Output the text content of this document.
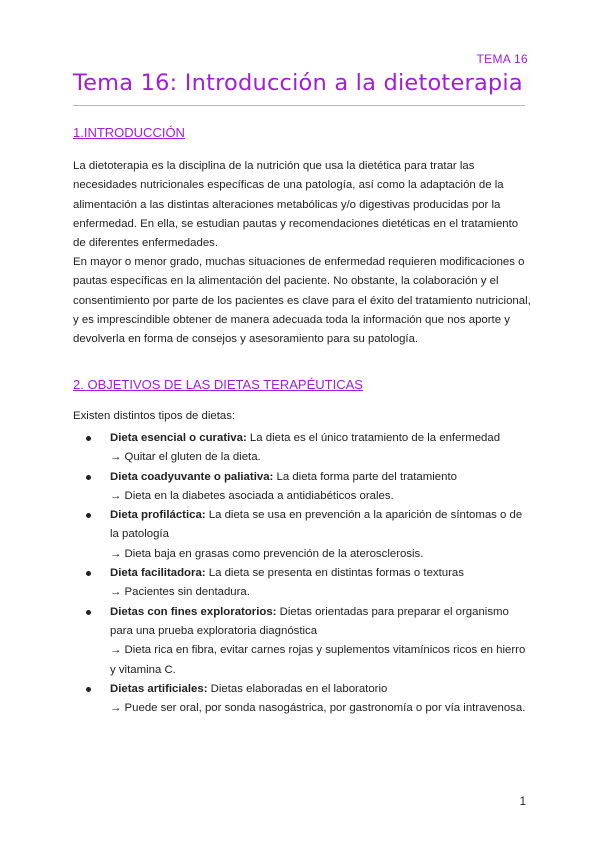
TEMA 16
Tema 16: Introducción a la dietoterapia
1.INTRODUCCIÓN

La dietoterapia es la disciplina de la nutrición que usa la dietética para tratar las necesidades nutricionales específicas de una patología, así como la adaptación de la alimentación a las distintas alteraciones metabólicas y/o digestivas producidas por la enfermedad. En ella, se estudian pautas y recomendaciones dietéticas en el tratamiento de diferentes enfermedades.

En mayor o menor grado, muchas situaciones de enfermedad requieren modificaciones o pautas específicas en la alimentación del paciente. No obstante, la colaboración y el consentimiento por parte de los pacientes es clave para el éxito del tratamiento nutricional, y es imprescindible obtener de manera adecuada toda la información que nos aporte y devolverla en forma de consejos y asesoramiento para su patología.

2. OBJETIVOS DE LAS DIETAS TERAPÉUTICAS

Existen distintos tipos de dietas:

Dieta esencial o curativa: La dieta es el único tratamiento de la enfermedad
→ Quitar el gluten de la dieta.
Dieta coadyuvante o paliativa: La dieta forma parte del tratamiento
→ Dieta en la diabetes asociada a antidiabéticos orales.
Dieta profiláctica: La dieta se usa en prevención a la aparición de síntomas o de la patología
→ Dieta baja en grasas como prevención de la aterosclerosis.
Dieta facilitadora: La dieta se presenta en distintas formas o texturas
→ Pacientes sin dentadura.
Dietas con fines exploratorios: Dietas orientadas para preparar el organismo para una prueba exploratoria diagnóstica
→ Dieta rica en fibra, evitar carnes rojas y suplementos vitamínicos ricos en hierro y vitamina C.
Dietas artificiales: Dietas elaboradas en el laboratorio
→ Puede ser oral, por sonda nasogástrica, por gastronomía o por vía intravenosa.
1
